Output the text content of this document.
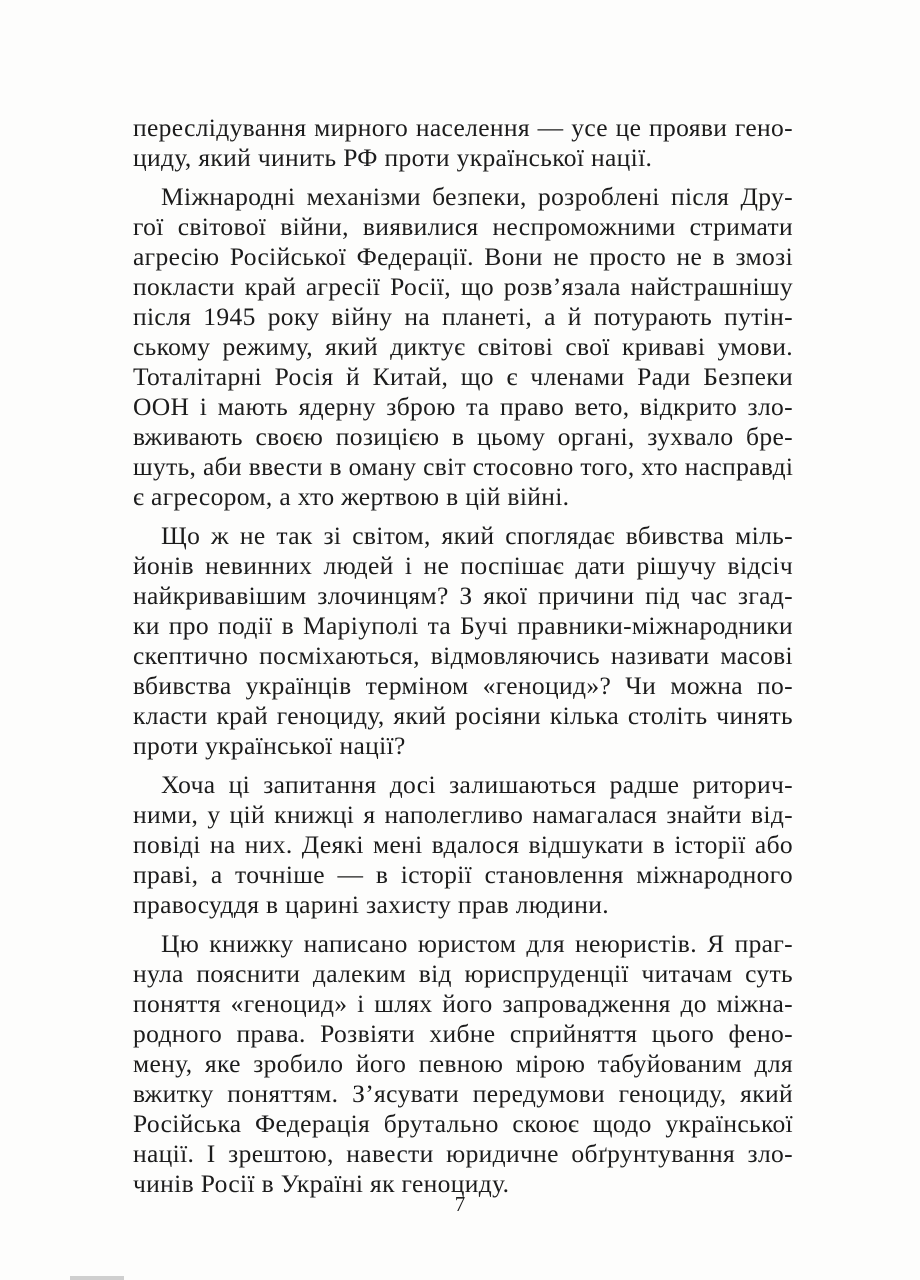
переслідування мирного населення — усе це прояви гено-
циду, який чинить РФ проти української нації.
Міжнародні механізми безпеки, розроблені після Дру-
гої світової війни, виявилися неспроможними стримати
агресію Російської Федерації. Вони не просто не в змозі
покласти край агресії Росії, що розв’язала найстрашнішу
після 1945 року війну на планеті, а й потурають путін-
ському режиму, який диктує світові свої криваві умови.
Тоталітарні Росія й Китай, що є членами Ради Безпеки
ООН і мають ядерну зброю та право вето, відкрито зло-
вживають своєю позицією в цьому органі, зухвало бре-
шуть, аби ввести в оману світ стосовно того, хто насправді
є агресором, а хто жертвою в цій війні.
Що ж не так зі світом, який споглядає вбивства міль-
йонів невинних людей і не поспішає дати рішучу відсіч
найкривавішим злочинцям? З якої причини під час згад-
ки про події в Маріуполі та Бучі правники-міжнародники
скептично посміхаються, відмовляючись називати масові
вбивства українців терміном «геноцид»? Чи можна по-
класти край геноциду, який росіяни кілька століть чинять
проти української нації?
Хоча ці запитання досі залишаються радше риторич-
ними, у цій книжці я наполегливо намагалася знайти від-
повіді на них. Деякі мені вдалося відшукати в історії або
праві, а точніше — в історії становлення міжнародного
правосуддя в царині захисту прав людини.
Цю книжку написано юристом для неюристів. Я праг-
нула пояснити далеким від юриспруденції читачам суть
поняття «геноцид» і шлях його запровадження до міжна-
родного права. Розвіяти хибне сприйняття цього фено-
мену, яке зробило його певною мірою табуйованим для
вжитку поняттям. З’ясувати передумови геноциду, який
Російська Федерація брутально скоює щодо української
нації. І зрештою, навести юридичне обґрунтування зло-
чинів Росії в Україні як геноциду.
7
